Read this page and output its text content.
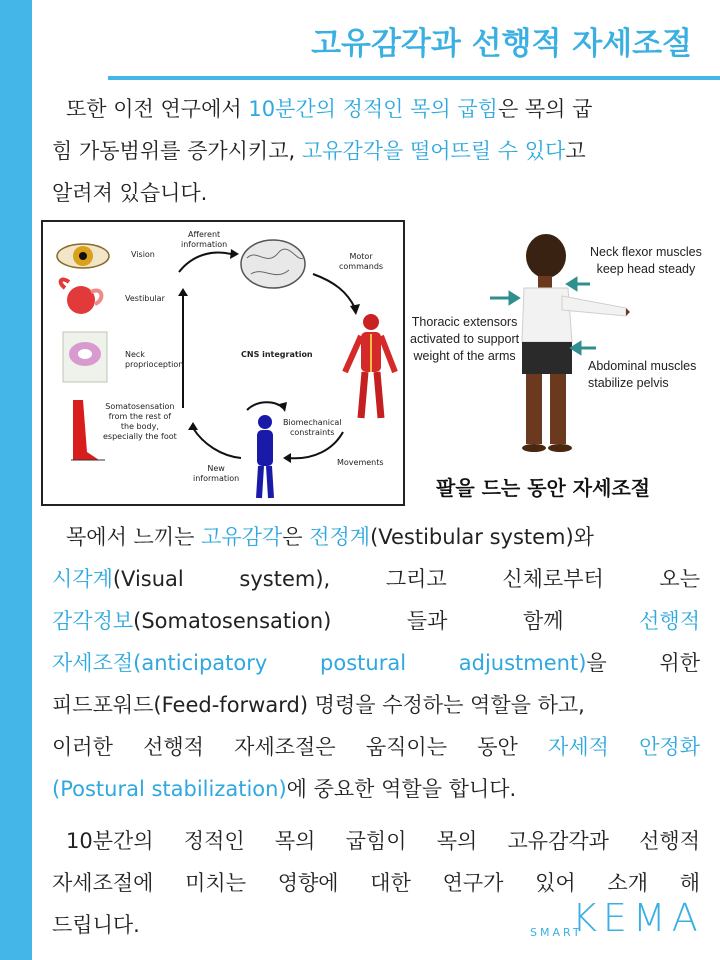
고유감각과 선행적 자세조절
또한 이전 연구에서 10분간의 정적인 목의 굽힘은 목의 굽
힘 가동범위를 증가시키고, 고유감각을 떨어뜨릴 수 있다고
알려져 있습니다.
Vision
Vestibular
Neck
proprioception
Somatosensation
from the rest of
the body,
especially the foot
Afferent
information
Motor
commands
CNS integration
Biomechanical
constraints
Movements
New
information
Neck flexor muscles
keep head steady
Thoracic extensors
activated to support
weight of the arms
Abdominal muscles
stabilize pelvis
팔을 드는 동안 자세조절
목에서 느끼는 고유감각은 전정계(Vestibular system)와
시각계(Visual system), 그리고 신체로부터 오는
감각정보(Somatosensation) 들과 함께 선행적
자세조절(anticipatory postural adjustment)을 위한
피드포워드(Feed-forward) 명령을 수정하는 역할을 하고,
이러한 선행적 자세조절은 움직이는 동안 자세적 안정화
(Postural stabilization)에 중요한 역할을 합니다.
10분간의 정적인 목의 굽힘이 목의 고유감각과 선행적
자세조절에 미치는 영향에 대한 연구가 있어 소개 해
드립니다.	SMART
KEMA
